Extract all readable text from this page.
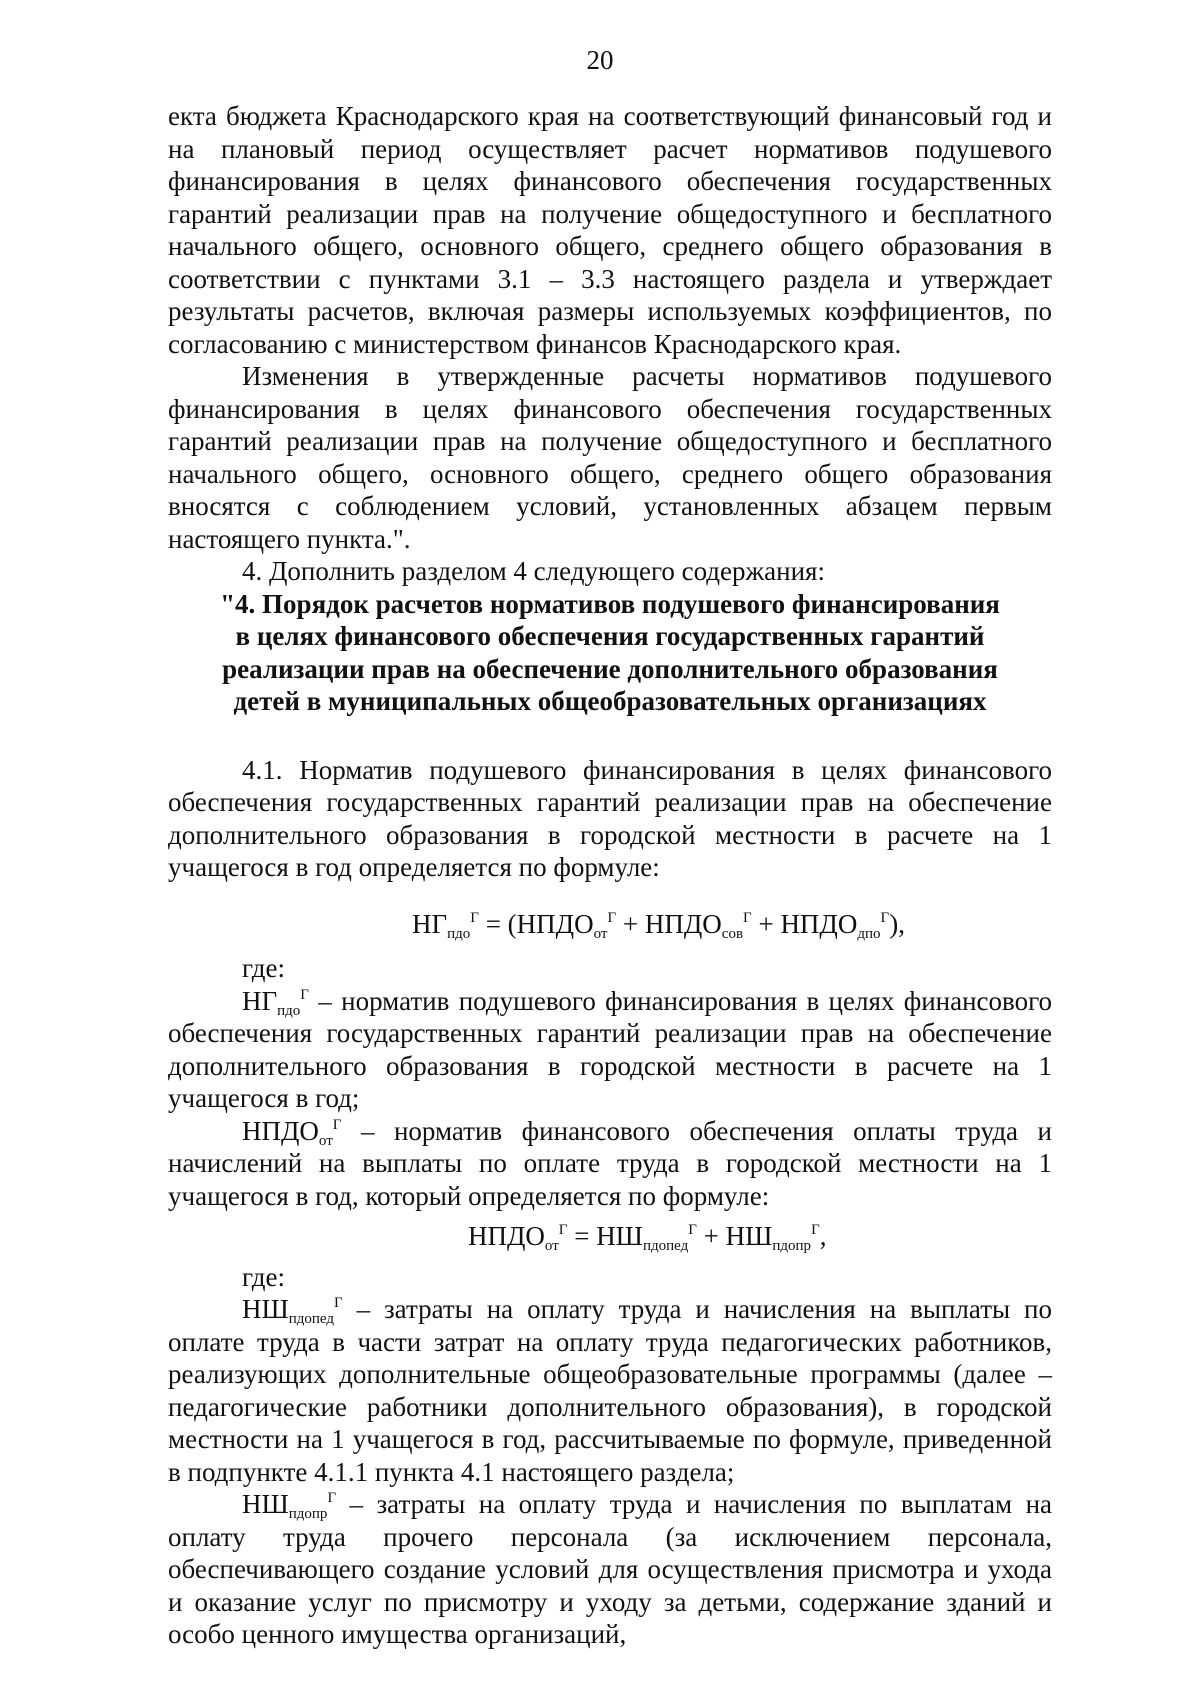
20

екта бюджета Краснодарского края на соответствующий финансовый год и на плановый период осуществляет расчет нормативов подушевого финансирования в целях финансового обеспечения государственных гарантий реализации прав на получение общедоступного и бесплатного начального общего, основного общего, среднего общего образования в соответствии с пунктами 3.1 – 3.3 настоящего раздела и утверждает результаты расчетов, включая размеры используемых коэффициентов, по согласованию с министерством финансов Краснодарского края.

Изменения в утвержденные расчеты нормативов подушевого финансирования в целях финансового обеспечения государственных гарантий реализации прав на получение общедоступного и бесплатного начального общего, основного общего, среднего общего образования вносятся с соблюдением условий, установленных абзацем первым настоящего пункта.".

4. Дополнить разделом 4 следующего содержания:

"4. Порядок расчетов нормативов подушевого финансирования
в целях финансового обеспечения государственных гарантий
реализации прав на обеспечение дополнительного образования
детей в муниципальных общеобразовательных организациях

4.1. Норматив подушевого финансирования в целях финансового обеспечения государственных гарантий реализации прав на обеспечение дополнительного образования в городской местности в расчете на 1 учащегося в год определяется по формуле:

$НГ_{пдо}^Г$ = ($НПДО_{от}^Г$ + $НПДО_{сов}^Г$ + $НПДО_{дпо}^Г$),

где:

$НГ_{пдо}^Г$ – норматив подушевого финансирования в целях финансового обеспечения государственных гарантий реализации прав на обеспечение дополнительного образования в городской местности в расчете на 1 учащегося в год;

$НПДО_{от}^Г$ – норматив финансового обеспечения оплаты труда и начислений на выплаты по оплате труда в городской местности на 1 учащегося в год, который определяется по формуле:

$НПДО_{от}^Г = НШ_{пдопед}^Г + НШ_{пдопр}^Г$,

где:

$НШ_{пдопед}^Г$ – затраты на оплату труда и начисления на выплаты по оплате труда в части затрат на оплату труда педагогических работников, реализующих дополнительные общеобразовательные программы (далее – педагогические работники дополнительного образования), в городской местности на 1 учащегося в год, рассчитываемые по формуле, приведенной в подпункте 4.1.1 пункта 4.1 настоящего раздела;

$НШ_{пдопр}^Г$ – затраты на оплату труда и начисления по выплатам на оплату труда прочего персонала (за исключением персонала, обеспечивающего создание условий для осуществления присмотра и ухода и оказание услуг по присмотру и уходу за детьми, содержание зданий и особо ценного имущества организаций,
